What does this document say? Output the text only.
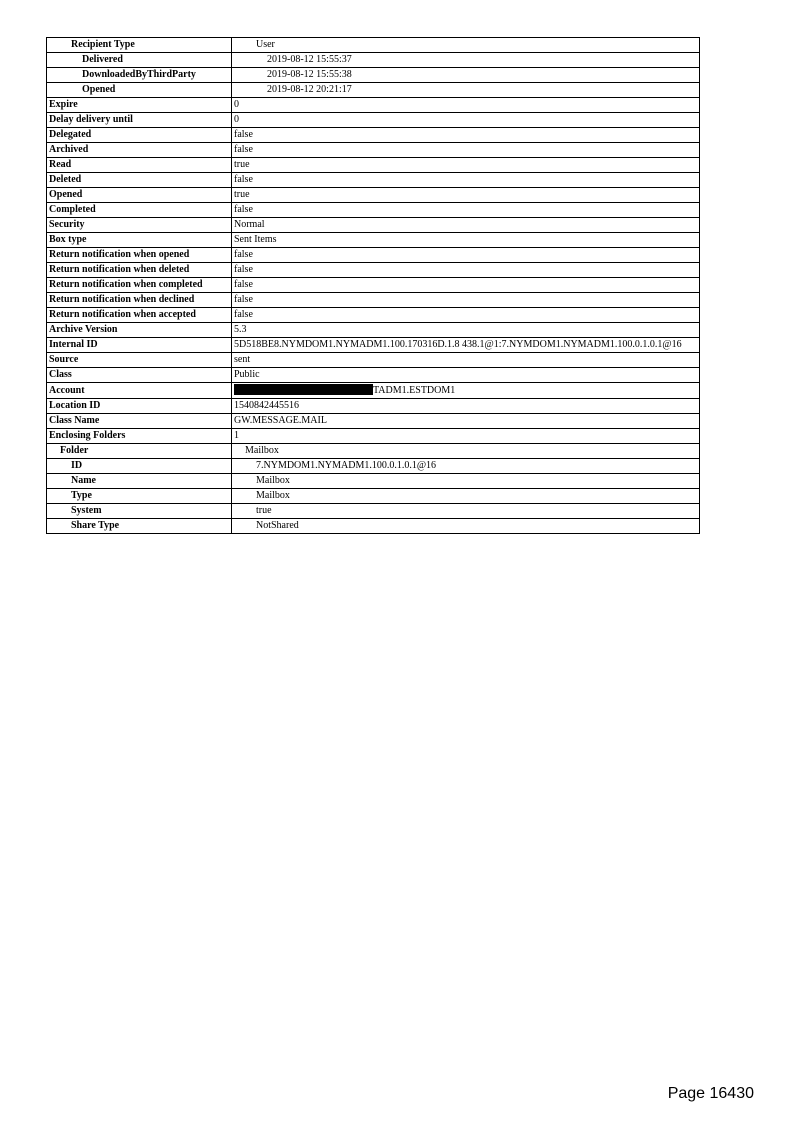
Recipient Type	User
Delivered	2019-08-12 15:55:37
DownloadedByThirdParty	2019-08-12 15:55:38
Opened	2019-08-12 20:21:17
Expire	0
Delay delivery until	0
Delegated	false
Archived	false
Read	true
Deleted	false
Opened	true
Completed	false
Security	Normal
Box type	Sent Items
Return notification when opened	false
Return notification when deleted	false
Return notification when completed	false
Return notification when declined	false
Return notification when accepted	false
Archive Version	5.3
Internal ID	5D518BE8.NYMDOM1.NYMADM1.100.170316D.1.8 438.1@1:7.NYMDOM1.NYMADM1.100.0.1.0.1@16
Source	sent
Class	Public
Account	TADM1.ESTDOM1
Location ID	1540842445516
Class Name	GW.MESSAGE.MAIL
Enclosing Folders	1
Folder	Mailbox
ID	7.NYMDOM1.NYMADM1.100.0.1.0.1@16
Name	Mailbox
Type	Mailbox
System	true
Share Type	NotShared
Page 16430
